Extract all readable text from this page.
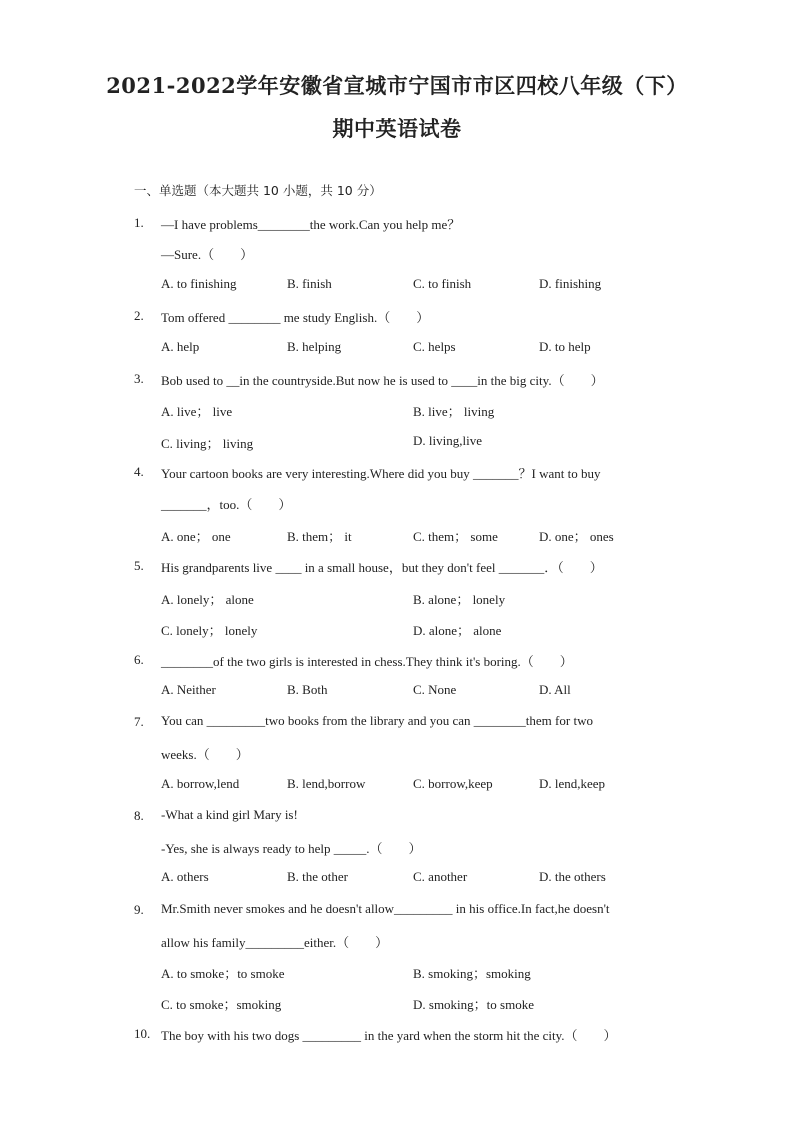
2021-2022学年安徽省宣城市宁国市市区四校八年级（下）
期中英语试卷
一、单选题（本大题共 10 小题，共 10 分）
1. —I have problems________the work.Can you help me？
—Sure.（　　）
A. to finishing	B. finish	C. to finish	D. finishing
2. Tom offered ________ me study English.（　　）
A. help	B. helping	C. helps	D. to help
3. Bob used to __in the countryside.But now he is used to ____in the big city.（　　）
A. live； live	B. live； living
C. living； living	D. living,live
4. Your cartoon books are very interesting.Where did you buy _______？I want to buy
_______，too.（　　）
A. one； one	B. them； it	C. them； some	D. one； ones
5. His grandparents live ____ in a small house，but they don't feel _______．（　　）
A. lonely； alone	B. alone； lonely
C. lonely； lonely	D. alone； alone
6. ________of the two girls is interested in chess.They think it's boring.（　　）
A. Neither	B. Both	C. None	D. All
7. You can _________two books from the library and you can ________them for two
weeks.（　　）
A. borrow,lend	B. lend,borrow	C. borrow,keep	D. lend,keep
8. -What a kind girl Mary is!
-Yes, she is always ready to help _____.（　　）
A. others	B. the other	C. another	D. the others
9. Mr.Smith never smokes and he doesn't allow_________ in his office.In fact,he doesn't
allow his family_________either.（　　）
A. to smoke；to smoke	B. smoking；smoking
C. to smoke；smoking	D. smoking；to smoke
10. The boy with his two dogs _________ in the yard when the storm hit the city.（　　）
